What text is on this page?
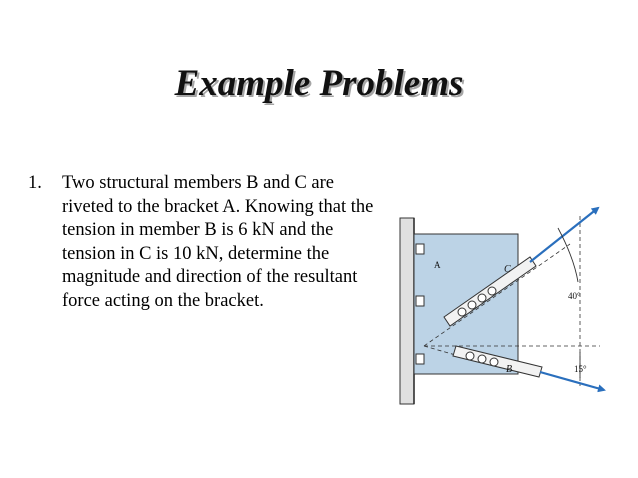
Example Problems
1.	Two structural members B and C are riveted to the bracket A. Knowing that the tension in member B is 6 kN and the tension in C is 10 kN, determine the magnitude and direction of the resultant force acting on the bracket.
A	C
B
40°
15°
